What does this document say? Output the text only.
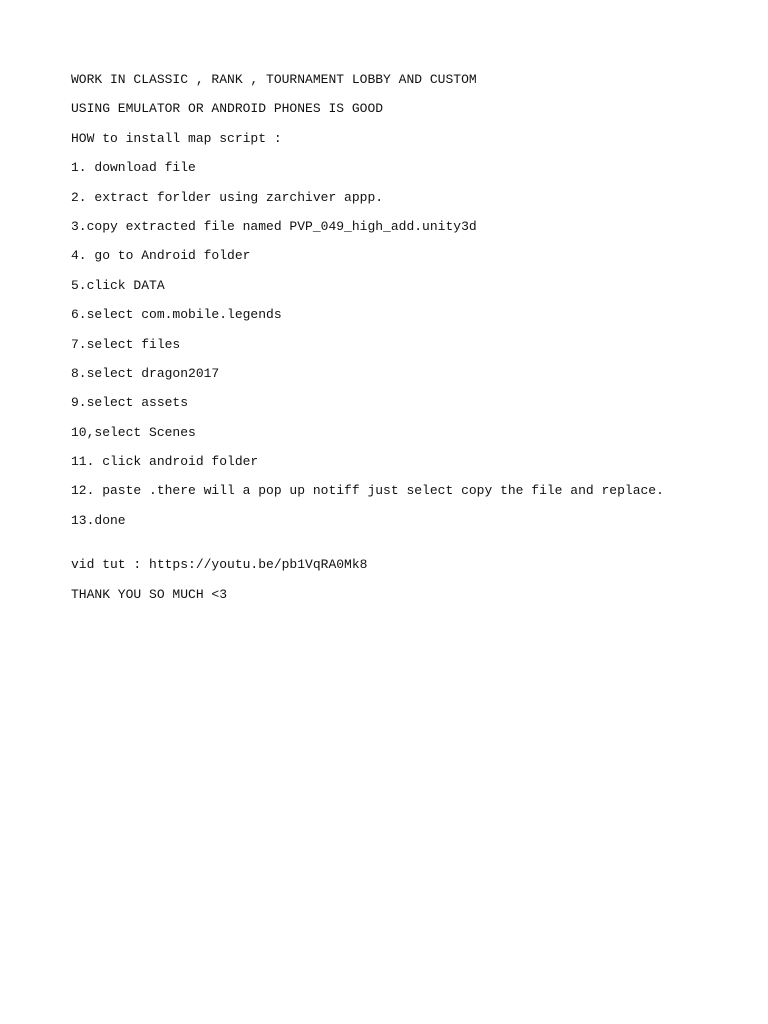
WORK IN CLASSIC , RANK , TOURNAMENT LOBBY AND CUSTOM
USING EMULATOR OR ANDROID PHONES IS GOOD
HOW to install map script :
1. download file
2. extract forlder using zarchiver appp.
3.copy extracted file named PVP_049_high_add.unity3d
4. go to Android folder
5.click DATA
6.select com.mobile.legends
7.select files
8.select dragon2017
9.select assets
10,select Scenes
11. click android folder
12. paste .there will a pop up notiff just select copy the file and replace.
13.done
vid tut : https://youtu.be/pb1VqRA0Mk8
THANK YOU SO MUCH <3
